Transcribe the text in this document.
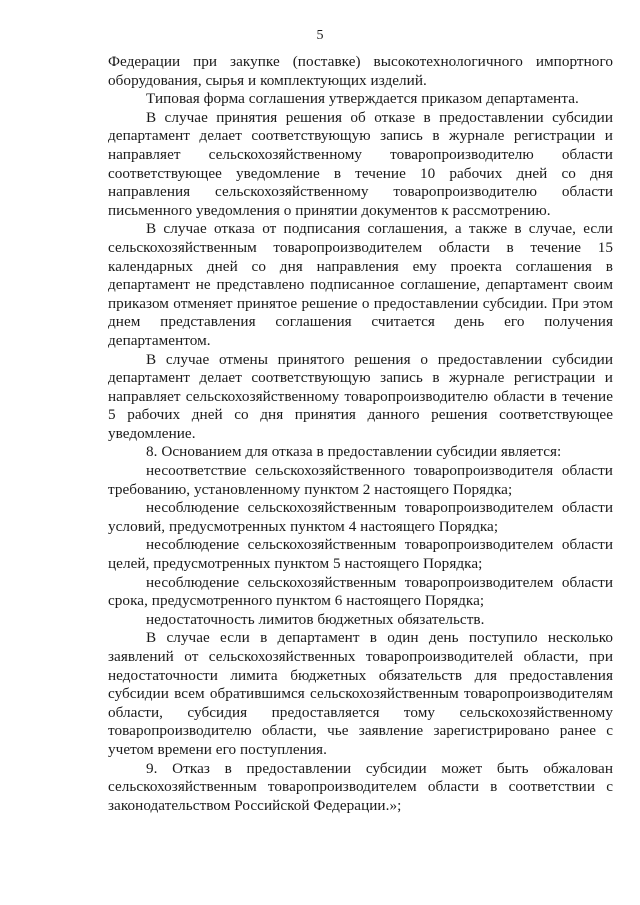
5

Федерации при закупке (поставке) высокотехнологичного импортного оборудования, сырья и комплектующих изделий.

Типовая форма соглашения утверждается приказом департамента.

В случае принятия решения об отказе в предоставлении субсидии департамент делает соответствующую запись в журнале регистрации и направляет сельскохозяйственному товаропроизводителю области соответствующее уведомление в течение 10 рабочих дней со дня направления сельскохозяйственному товаропроизводителю области письменного уведомления о принятии документов к рассмотрению.

В случае отказа от подписания соглашения, а также в случае, если сельскохозяйственным товаропроизводителем области в течение 15 календарных дней со дня направления ему проекта соглашения в департамент не представлено подписанное соглашение, департамент своим приказом отменяет принятое решение о предоставлении субсидии. При этом днем представления соглашения считается день его получения департаментом.

В случае отмены принятого решения о предоставлении субсидии департамент делает соответствующую запись в журнале регистрации и направляет сельскохозяйственному товаропроизводителю области в течение 5 рабочих дней со дня принятия данного решения соответствующее уведомление.

8. Основанием для отказа в предоставлении субсидии является:

несоответствие сельскохозяйственного товаропроизводителя области требованию, установленному пунктом 2 настоящего Порядка;

несоблюдение сельскохозяйственным товаропроизводителем области условий, предусмотренных пунктом 4 настоящего Порядка;

несоблюдение сельскохозяйственным товаропроизводителем области целей, предусмотренных пунктом 5 настоящего Порядка;

несоблюдение сельскохозяйственным товаропроизводителем области срока, предусмотренного пунктом 6 настоящего Порядка;

недостаточность лимитов бюджетных обязательств.

В случае если в департамент в один день поступило несколько заявлений от сельскохозяйственных товаропроизводителей области, при недостаточности лимита бюджетных обязательств для предоставления субсидии всем обратившимся сельскохозяйственным товаропроизводителям области, субсидия предоставляется тому сельскохозяйственному товаропроизводителю области, чье заявление зарегистрировано ранее с учетом времени его поступления.

9. Отказ в предоставлении субсидии может быть обжалован сельскохозяйственным товаропроизводителем области в соответствии с законодательством Российской Федерации.»;
